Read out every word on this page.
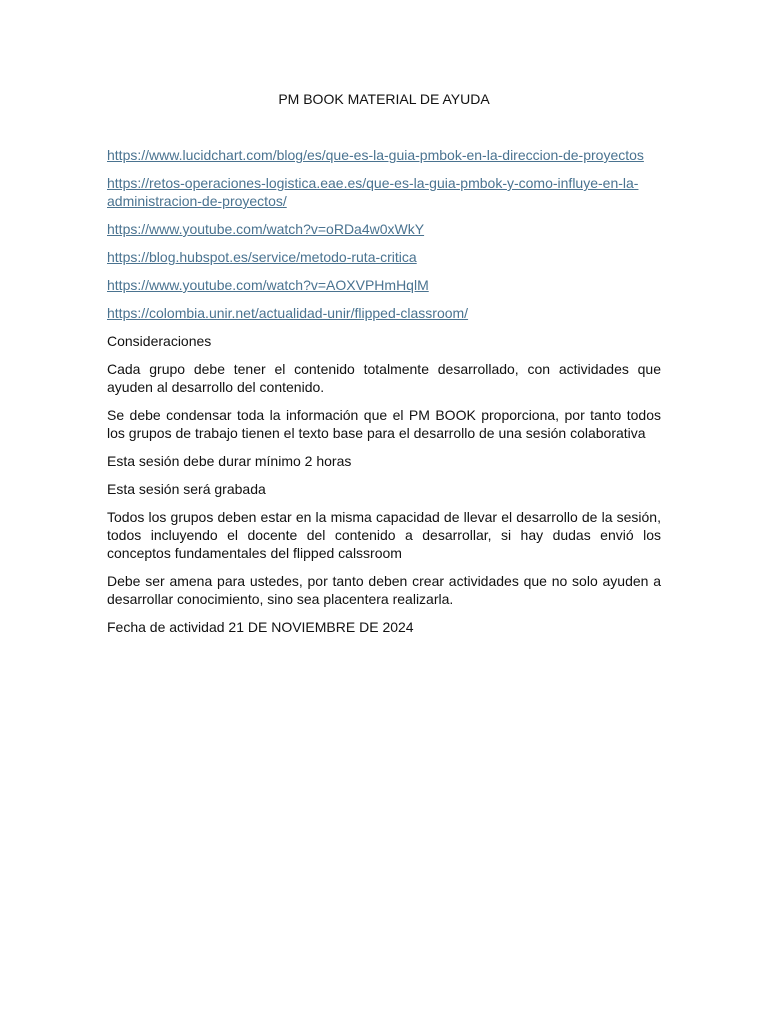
PM BOOK MATERIAL DE AYUDA
https://www.lucidchart.com/blog/es/que-es-la-guia-pmbok-en-la-direccion-de-proyectos
https://retos-operaciones-logistica.eae.es/que-es-la-guia-pmbok-y-como-influye-en-la-administracion-de-proyectos/
https://www.youtube.com/watch?v=oRDa4w0xWkY
https://blog.hubspot.es/service/metodo-ruta-critica
https://www.youtube.com/watch?v=AOXVPHmHqlM
https://colombia.unir.net/actualidad-unir/flipped-classroom/

Consideraciones

Cada grupo debe tener el contenido totalmente desarrollado, con actividades que ayuden al desarrollo del contenido.

Se debe condensar toda la información que el PM BOOK proporciona, por tanto todos los grupos de trabajo tienen el texto base para el desarrollo de una sesión colaborativa

Esta sesión debe durar mínimo 2 horas

Esta sesión será grabada

Todos los grupos deben estar en la misma capacidad de llevar el desarrollo de la sesión, todos incluyendo el docente del contenido a desarrollar, si hay dudas envió los conceptos fundamentales del flipped calssroom

Debe ser amena para ustedes, por tanto deben crear actividades que no solo ayuden a desarrollar conocimiento, sino sea placentera realizarla.

Fecha de actividad 21 DE NOVIEMBRE DE 2024
